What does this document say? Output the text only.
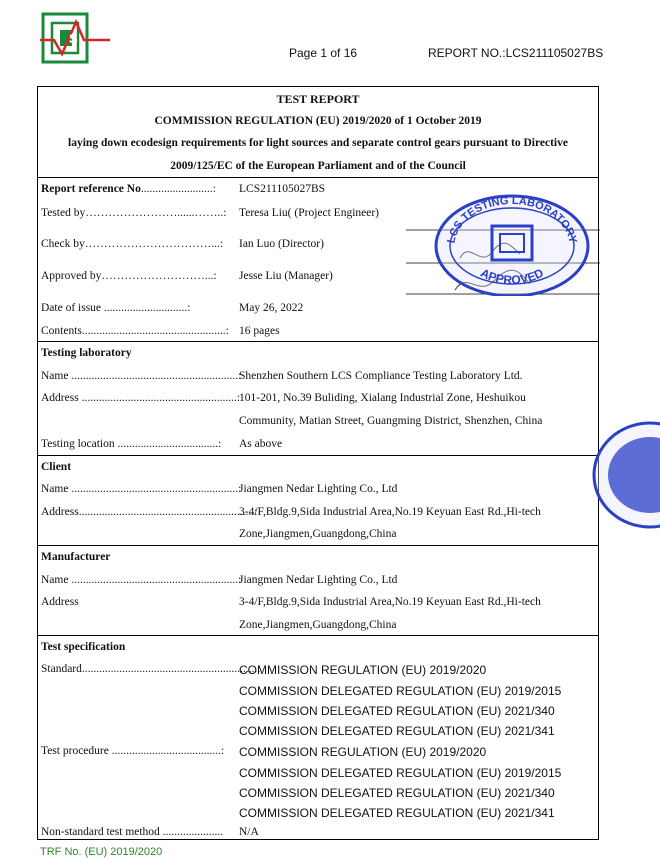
S
Page 1 of 16	REPORT NO.:LCS211105027BS
TEST REPORT
COMMISSION REGULATION (EU) 2019/2020 of 1 October 2019
laying down ecodesign requirements for light sources and separate control gears pursuant to Directive
2009/125/EC of the European Parliament and of the Council
Report reference No.........................:	LCS211105027BS
Tested by……………………......……..:	Teresa Liu( (Project Engineer)
Check by……………………………...:	Ian Luo (Director)
Approved by………………………...:	Jesse Liu (Manager)
Date of issue .............................:	May 26, 2022
Contents..................................................: 16 pages
LCS TESTING LABORATORY
APPROVED
Testing laboratory
Name ..........................................................:
Shenzhen Southern LCS Compliance Testing Laboratory Ltd.
Address ......................................................:
101-201, No.39 Buliding, Xialang Industrial Zone, Heshuikou
Community, Matian Street, Guangming District, Shenzhen, China
Testing location ...................................:	As above
Client
Name ..........................................................:
Jiangmen Nedar Lighting Co., Ltd
Address.............................................................:
3-4/F,Bldg.9,Sida Industrial Area,No.19 Keyuan East Rd.,Hi-tech
Zone,Jiangmen,Guangdong,China
Manufacturer
Name ..........................................................:
Jiangmen Nedar Lighting Co., Ltd
Address	3-4/F,Bldg.9,Sida Industrial Area,No.19 Keyuan East Rd.,Hi-tech
Zone,Jiangmen,Guangdong,China
Test specification
Standard.............................................................:
COMMISSION REGULATION (EU) 2019/2020
COMMISSION DELEGATED REGULATION (EU) 2019/2015
COMMISSION DELEGATED REGULATION (EU) 2021/340
COMMISSION DELEGATED REGULATION (EU) 2021/341
Test procedure ......................................:	COMMISSION REGULATION (EU) 2019/2020
COMMISSION DELEGATED REGULATION (EU) 2019/2015
COMMISSION DELEGATED REGULATION (EU) 2021/340
COMMISSION DELEGATED REGULATION (EU) 2021/341
Non-standard test method .....................	N/A
TRF No. (EU) 2019/2020
